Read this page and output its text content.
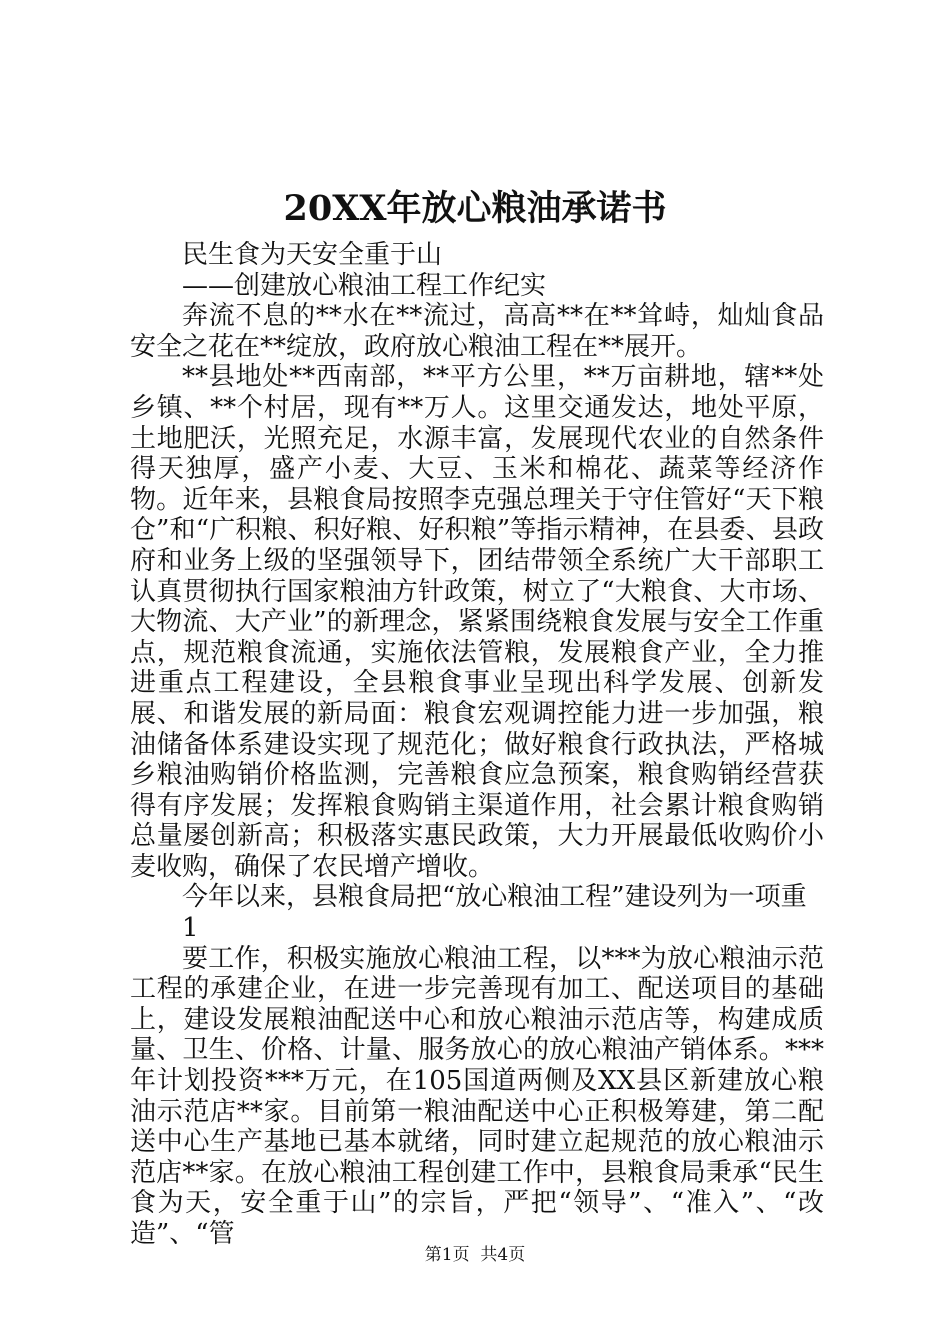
20XX年放心粮油承诺书

民生食为天安全重于山

——创建放心粮油工程工作纪实

奔流不息的**水在**流过，高高**在**耸峙，灿灿食品安全之花在**绽放，政府放心粮油工程在**展开。

**县地处**西南部，**平方公里，**万亩耕地，辖**处乡镇、**个村居，现有**万人。这里交通发达，地处平原，土地肥沃，光照充足，水源丰富，发展现代农业的自然条件得天独厚，盛产小麦、大豆、玉米和棉花、蔬菜等经济作物。近年来，县粮食局按照李克强总理关于守住管好“天下粮仓”和“广积粮、积好粮、好积粮”等指示精神，在县委、县政府和业务上级的坚强领导下，团结带领全系统广大干部职工认真贯彻执行国家粮油方针政策，树立了“大粮食、大市场、大物流、大产业”的新理念，紧紧围绕粮食发展与安全工作重点，规范粮食流通，实施依法管粮，发展粮食产业，全力推进重点工程建设，全县粮食事业呈现出科学发展、创新发展、和谐发展的新局面：粮食宏观调控能力进一步加强，粮油储备体系建设实现了规范化；做好粮食行政执法，严格城乡粮油购销价格监测，完善粮食应急预案，粮食购销经营获得有序发展；发挥粮食购销主渠道作用，社会累计粮食购销总量屡创新高；积极落实惠民政策，大力开展最低收购价小麦收购，确保了农民增产增收。

今年以来，县粮食局把“放心粮油工程”建设列为一项重

1

要工作，积极实施放心粮油工程，以***为放心粮油示范工程的承建企业，在进一步完善现有加工、配送项目的基础上，建设发展粮油配送中心和放心粮油示范店等，构建成质量、卫生、价格、计量、服务放心的放心粮油产销体系。***年计划投资***万元，在105国道两侧及XX县区新建放心粮油示范店**家。目前第一粮油配送中心正积极筹建，第二配送中心生产基地已基本就绪，同时建立起规范的放心粮油示范店**家。在放心粮油工程创建工作中，县粮食局秉承“民生食为天，安全重于山”的宗旨，严把“领导”、“准入”、“改造”、“管

第1页  共4页
